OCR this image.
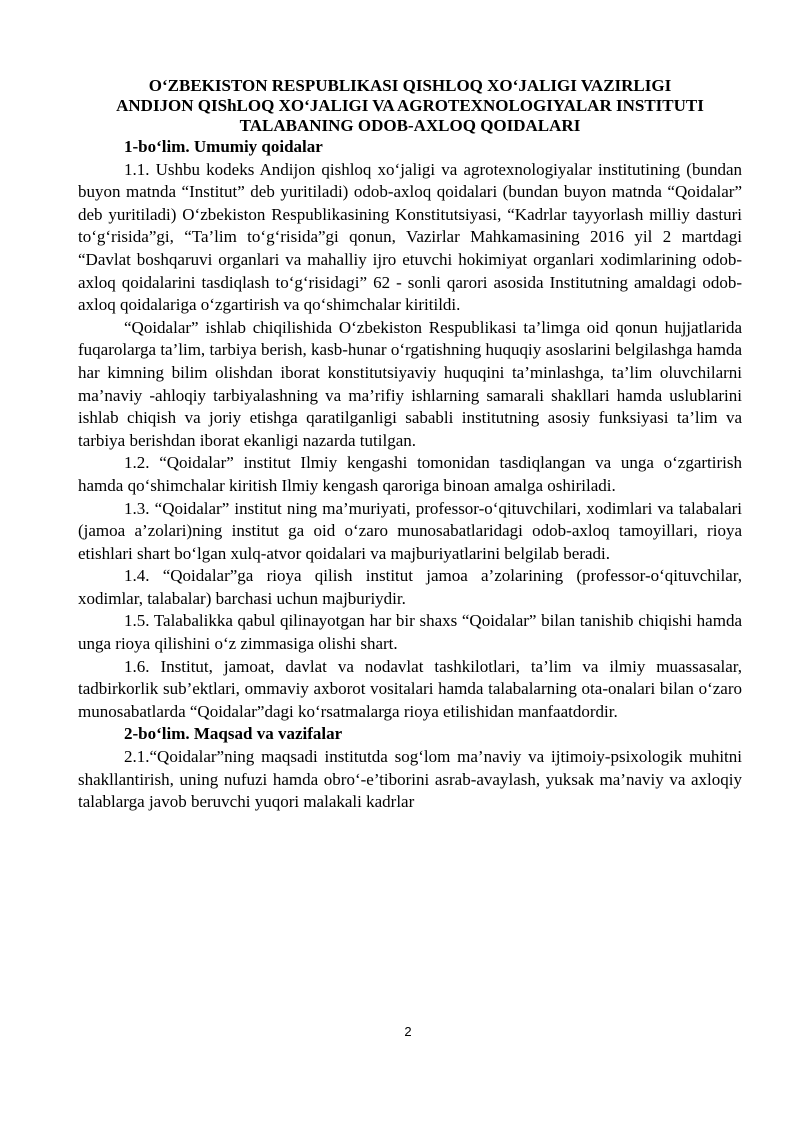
O‘ZBEKISTON RESPUBLIKASI QISHLOQ XO‘JALIGI VAZIRLIGI
ANDIJON QIShLOQ XO‘JALIGI VA AGROTEXNOLOGIYALAR INSTITUTI
TALABANING ODOB-AXLOQ QOIDALARI
1-bo‘lim. Umumiy qoidalar

1.1. Ushbu kodeks Andijon qishloq xo‘jaligi va agrotexnologiyalar institutining (bundan buyon matnda “Institut” deb yuritiladi) odob-axloq qoidalari (bundan buyon matnda “Qoidalar” deb yuritiladi) O‘zbekiston Respublikasining Konstitutsiyasi, “Kadrlar tayyorlash milliy dasturi to‘g‘risida”gi, “Ta’lim to‘g‘risida”gi qonun, Vazirlar Mahkamasining 2016 yil 2 martdagi “Davlat boshqaruvi organlari va mahalliy ijro etuvchi hokimiyat organlari xodimlarining odob-axloq qoidalarini tasdiqlash to‘g‘risidagi” 62 - sonli qarori asosida Institutning amaldagi odob-axloq qoidalariga o‘zgartirish va qo‘shimchalar kiritildi.

“Qoidalar” ishlab chiqilishida O‘zbekiston Respublikasi ta’limga oid qonun hujjatlarida fuqarolarga ta’lim, tarbiya berish, kasb-hunar o‘rgatishning huquqiy asoslarini belgilashga hamda har kimning bilim olishdan iborat konstitutsiyaviy huquqini ta’minlashga, ta’lim oluvchilarni ma’naviy -ahloqiy tarbiyalashning va ma’rifiy ishlarning samarali shakllari hamda uslublarini ishlab chiqish va joriy etishga qaratilganligi sababli institutning asosiy funksiyasi ta’lim va tarbiya berishdan iborat ekanligi nazarda tutilgan.

1.2. “Qoidalar” institut Ilmiy kengashi tomonidan tasdiqlangan va unga o‘zgartirish hamda qo‘shimchalar kiritish Ilmiy kengash qaroriga binoan amalga oshiriladi.

1.3. “Qoidalar” institut ning ma’muriyati, professor-o‘qituvchilari, xodimlari va talabalari (jamoa a’zolari)ning institut ga oid o‘zaro munosabatlaridagi odob-axloq tamoyillari, rioya etishlari shart bo‘lgan xulq-atvor qoidalari va majburiyatlarini belgilab beradi.

1.4. “Qoidalar”ga rioya qilish institut jamoa a’zolarining (professor-o‘qituvchilar, xodimlar, talabalar) barchasi uchun majburiydir.

1.5. Talabalikka qabul qilinayotgan har bir shaxs “Qoidalar” bilan tanishib chiqishi hamda unga rioya qilishini o‘z zimmasiga olishi shart.

1.6. Institut, jamoat, davlat va nodavlat tashkilotlari, ta’lim va ilmiy muassasalar, tadbirkorlik sub’ektlari, ommaviy axborot vositalari hamda talabalarning ota-onalari bilan o‘zaro munosabatlarda “Qoidalar”dagi ko‘rsatmalarga rioya etilishidan manfaatdordir.

2-bo‘lim. Maqsad va vazifalar

2.1.“Qoidalar”ning maqsadi institutda sog‘lom ma’naviy va ijtimoiy-psixologik muhitni shakllantirish, uning nufuzi hamda obro‘-e’tiborini asrab-avaylash, yuksak ma’naviy va axloqiy talablarga javob beruvchi yuqori malakali kadrlar

2
